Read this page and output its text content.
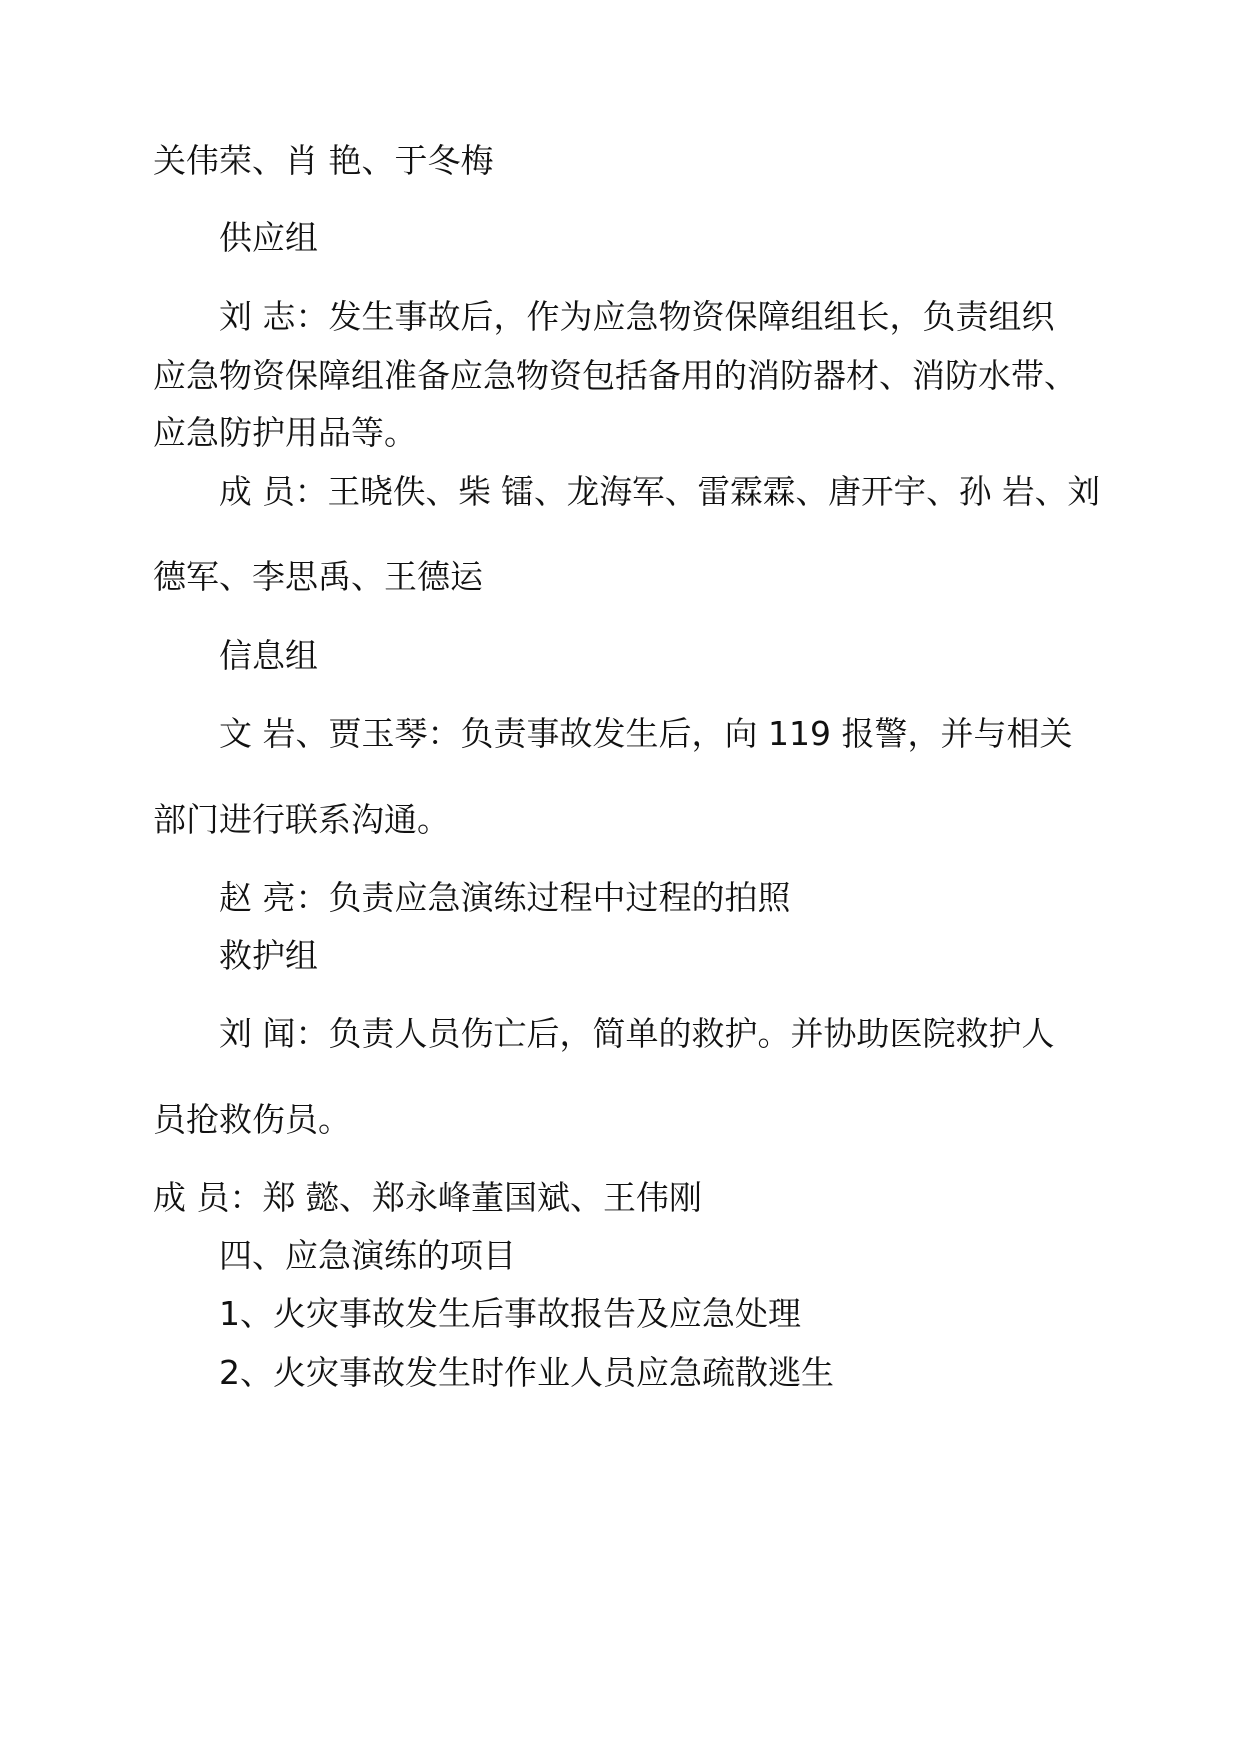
关伟荣、肖 艳、于冬梅
供应组
刘 志：发生事故后，作为应急物资保障组组长，负责组织
应急物资保障组准备应急物资包括备用的消防器材、消防水带、
应急防护用品等。
成 员：王晓佚、柴 镭、龙海军、雷霖霖、唐开宇、孙 岩、刘
德军、李思禹、王德运
信息组
文 岩、贾玉琴：负责事故发生后，向 119 报警，并与相关
部门进行联系沟通。
赵 亮：负责应急演练过程中过程的拍照
救护组
刘 闻：负责人员伤亡后，简单的救护。并协助医院救护人
员抢救伤员。
成 员：郑 懿、郑永峰董国斌、王伟刚
四、应急演练的项目
1、火灾事故发生后事故报告及应急处理
2、火灾事故发生时作业人员应急疏散逃生
